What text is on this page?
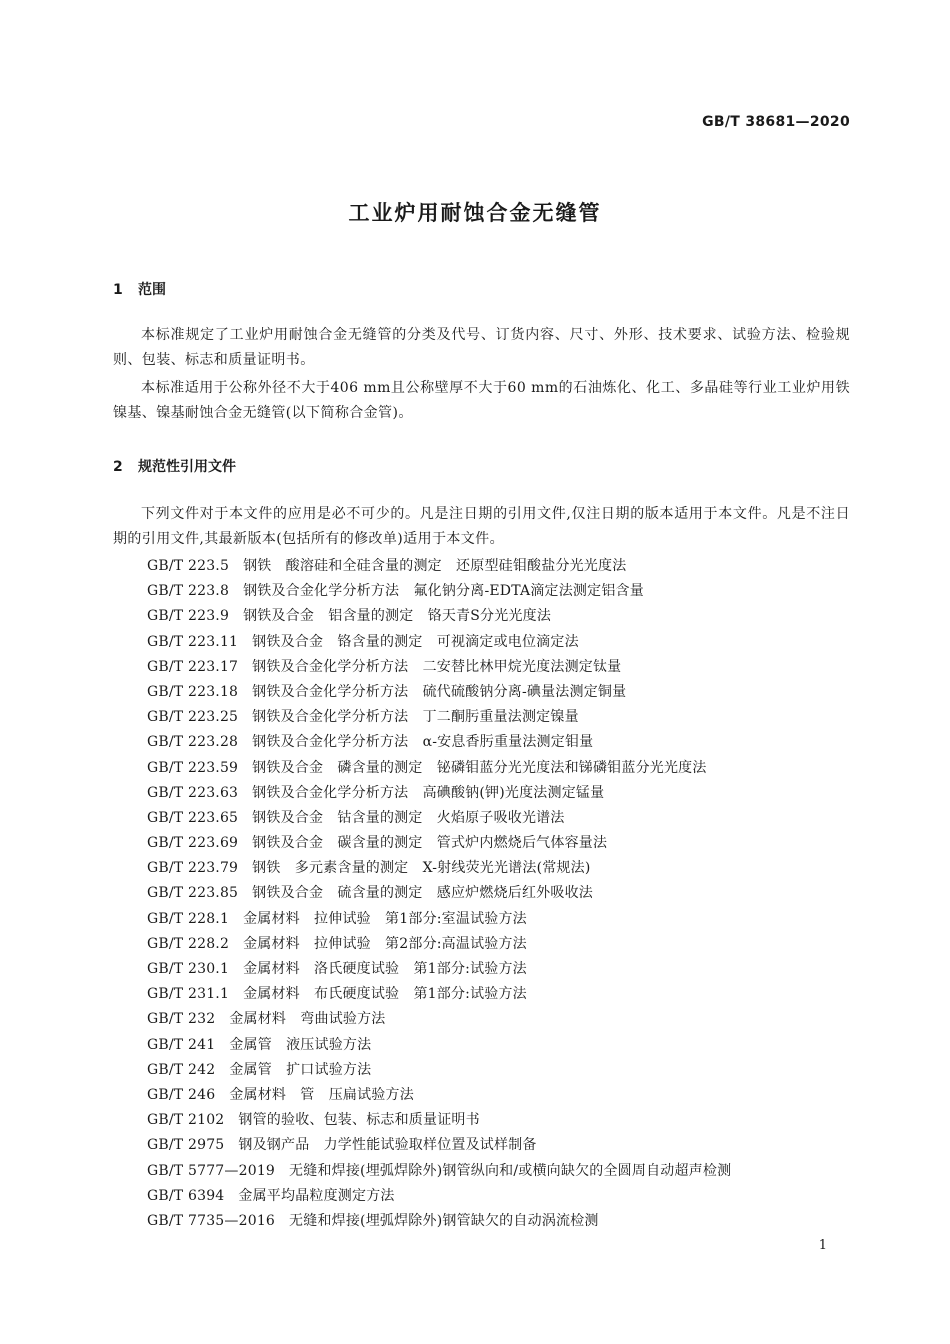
GB/T 38681—2020
工业炉用耐蚀合金无缝管
1 范围

本标准规定了工业炉用耐蚀合金无缝管的分类及代号、订货内容、尺寸、外形、技术要求、试验方法、检验规则、包装、标志和质量证明书。

本标准适用于公称外径不大于406 mm且公称壁厚不大于60 mm的石油炼化、化工、多晶硅等行业工业炉用铁镍基、镍基耐蚀合金无缝管(以下简称合金管)。

2 规范性引用文件

下列文件对于本文件的应用是必不可少的。凡是注日期的引用文件,仅注日期的版本适用于本文件。凡是不注日期的引用文件,其最新版本(包括所有的修改单)适用于本文件。

GB/T 223.5 钢铁　酸溶硅和全硅含量的测定　还原型硅钼酸盐分光光度法
GB/T 223.8 钢铁及合金化学分析方法　氟化钠分离-EDTA滴定法测定铝含量
GB/T 223.9 钢铁及合金　铝含量的测定　铬天青S分光光度法
GB/T 223.11 钢铁及合金　铬含量的测定　可视滴定或电位滴定法
GB/T 223.17 钢铁及合金化学分析方法　二安替比林甲烷光度法测定钛量
GB/T 223.18 钢铁及合金化学分析方法　硫代硫酸钠分离-碘量法测定铜量
GB/T 223.25 钢铁及合金化学分析方法　丁二酮肟重量法测定镍量
GB/T 223.28 钢铁及合金化学分析方法　α-安息香肟重量法测定钼量
GB/T 223.59 钢铁及合金　磷含量的测定　铋磷钼蓝分光光度法和锑磷钼蓝分光光度法
GB/T 223.63 钢铁及合金化学分析方法　高碘酸钠(钾)光度法测定锰量
GB/T 223.65 钢铁及合金　钴含量的测定　火焰原子吸收光谱法
GB/T 223.69 钢铁及合金　碳含量的测定　管式炉内燃烧后气体容量法
GB/T 223.79 钢铁　多元素含量的测定　X-射线荧光光谱法(常规法)
GB/T 223.85 钢铁及合金　硫含量的测定　感应炉燃烧后红外吸收法
GB/T 228.1 金属材料　拉伸试验　第1部分:室温试验方法
GB/T 228.2 金属材料　拉伸试验　第2部分:高温试验方法
GB/T 230.1 金属材料　洛氏硬度试验　第1部分:试验方法
GB/T 231.1 金属材料　布氏硬度试验　第1部分:试验方法
GB/T 232 金属材料　弯曲试验方法
GB/T 241 金属管　液压试验方法
GB/T 242 金属管　扩口试验方法
GB/T 246 金属材料　管　压扁试验方法
GB/T 2102 钢管的验收、包装、标志和质量证明书
GB/T 2975 钢及钢产品　力学性能试验取样位置及试样制备
GB/T 5777—2019 无缝和焊接(埋弧焊除外)钢管纵向和/或横向缺欠的全圆周自动超声检测
GB/T 6394 金属平均晶粒度测定方法
GB/T 7735—2016 无缝和焊接(埋弧焊除外)钢管缺欠的自动涡流检测
1
